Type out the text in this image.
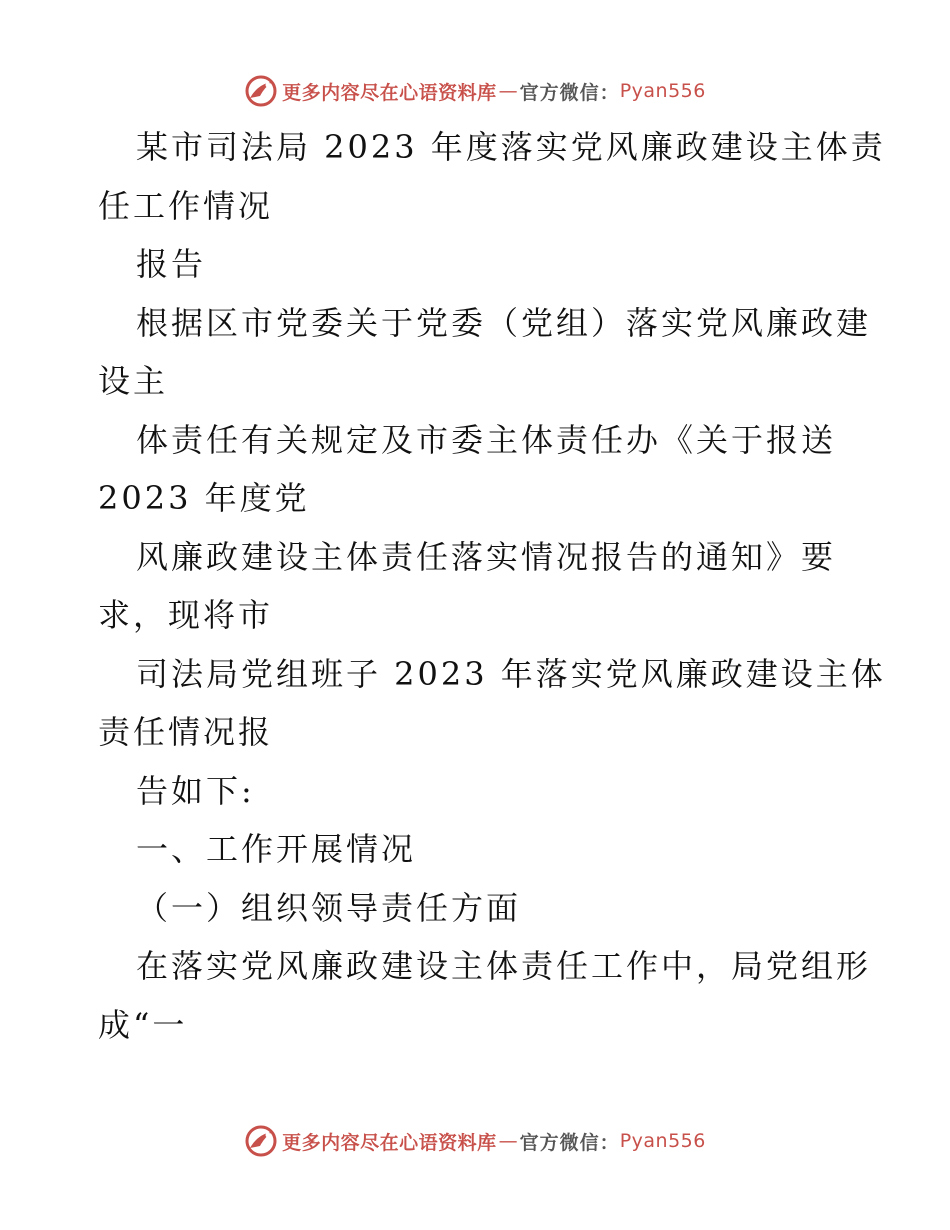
更多内容尽在心语资料库 — 官方微信： Pyan556
某市司法局 2023 年度落实党风廉政建设主体责
任工作情况
报告
根据区市党委关于党委（党组）落实党风廉政建
设主
体责任有关规定及市委主体责任办《关于报送
2023 年度党
风廉政建设主体责任落实情况报告的通知》要
求，现将市
司法局党组班子 2023 年落实党风廉政建设主体
责任情况报
告如下:
一、工作开展情况
（一）组织领导责任方面
在落实党风廉政建设主体责任工作中，局党组形
成“一
更多内容尽在心语资料库 — 官方微信： Pyan556
